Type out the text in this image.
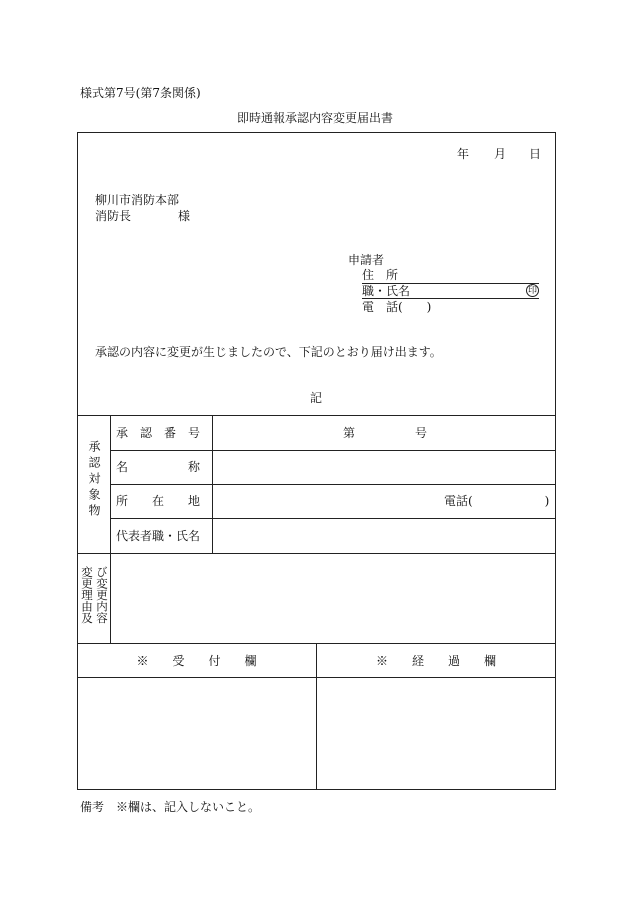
様式第7号(第7条関係)
即時通報承認内容変更届出書
年 月 日
柳川市消防本部
消防長	様
申請者
住　所
職・氏名	印
電　話(　　)
承認の内容に変更が生じましたので、下記のとおり届け出ます。
記
承認対象物
承　認　番　号	第　　　　　号
名　　　　　称
所　　在　　地	電話(　　　　　　)
代表者職・氏名
変更理由及 び変更内容
※　　受　　付　　欄	※　　経　　過　　欄
備考　※欄は、記入しないこと。
